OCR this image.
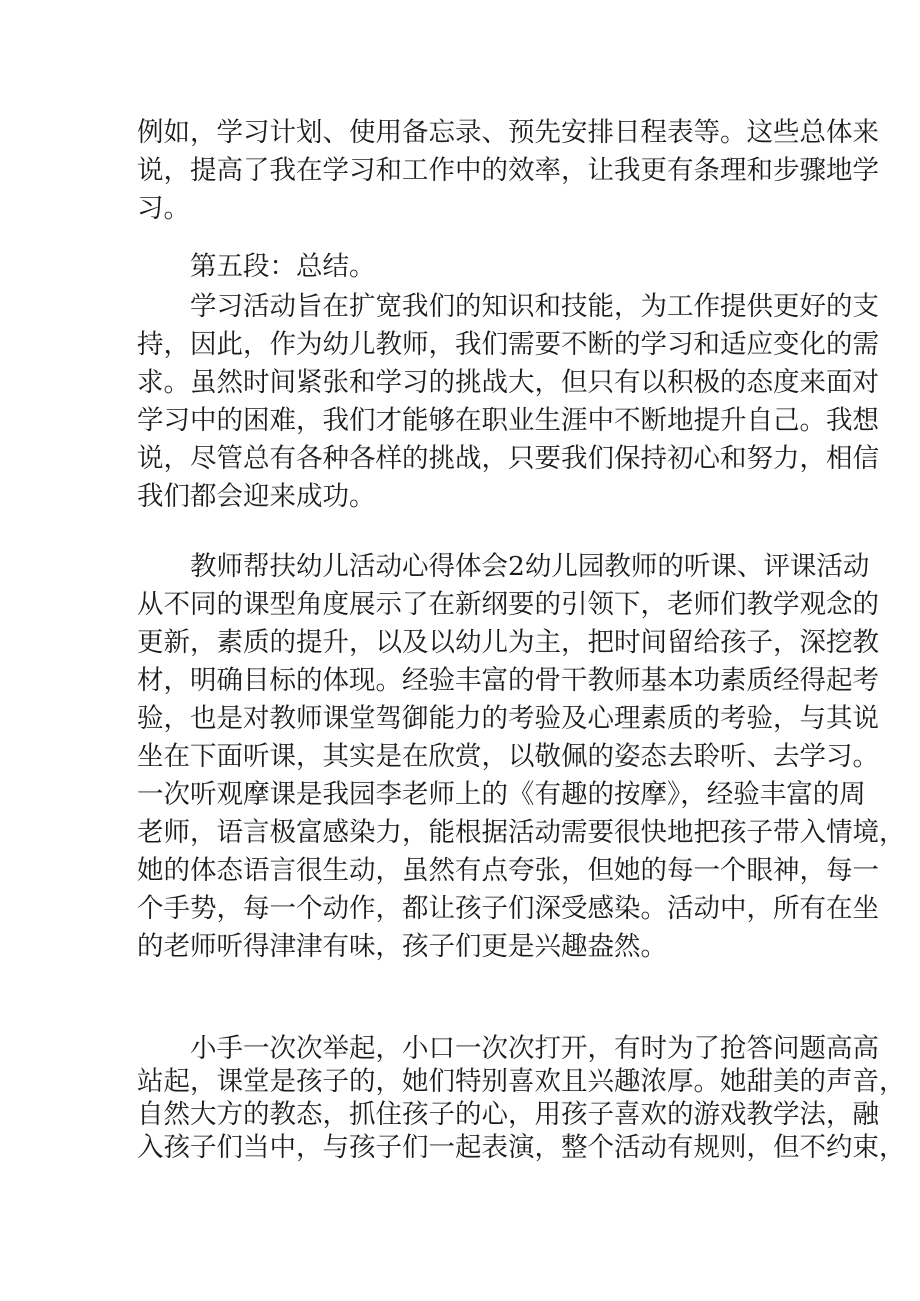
例如，学习计划、使用备忘录、预先安排日程表等。这些总体来
说，提高了我在学习和工作中的效率，让我更有条理和步骤地学
习。
　　第五段：总结。
　　学习活动旨在扩宽我们的知识和技能，为工作提供更好的支
持，因此，作为幼儿教师，我们需要不断的学习和适应变化的需
求。虽然时间紧张和学习的挑战大，但只有以积极的态度来面对
学习中的困难，我们才能够在职业生涯中不断地提升自己。我想
说，尽管总有各种各样的挑战，只要我们保持初心和努力，相信
我们都会迎来成功。
　　教师帮扶幼儿活动心得体会2幼儿园教师的听课、评课活动
从不同的课型角度展示了在新纲要的引领下，老师们教学观念的
更新，素质的提升，以及以幼儿为主，把时间留给孩子，深挖教
材，明确目标的体现。经验丰富的骨干教师基本功素质经得起考
验，也是对教师课堂驾御能力的考验及心理素质的考验，与其说
坐在下面听课，其实是在欣赏，以敬佩的姿态去聆听、去学习。
一次听观摩课是我园李老师上的《有趣的按摩》，经验丰富的周
老师，语言极富感染力，能根据活动需要很快地把孩子带入情境，
她的体态语言很生动，虽然有点夸张，但她的每一个眼神，每一
个手势，每一个动作，都让孩子们深受感染。活动中，所有在坐
的老师听得津津有味，孩子们更是兴趣盎然。
　　小手一次次举起，小口一次次打开，有时为了抢答问题高高
站起，课堂是孩子的，她们特别喜欢且兴趣浓厚。她甜美的声音，
自然大方的教态，抓住孩子的心，用孩子喜欢的游戏教学法，融
入孩子们当中，与孩子们一起表演，整个活动有规则，但不约束，
